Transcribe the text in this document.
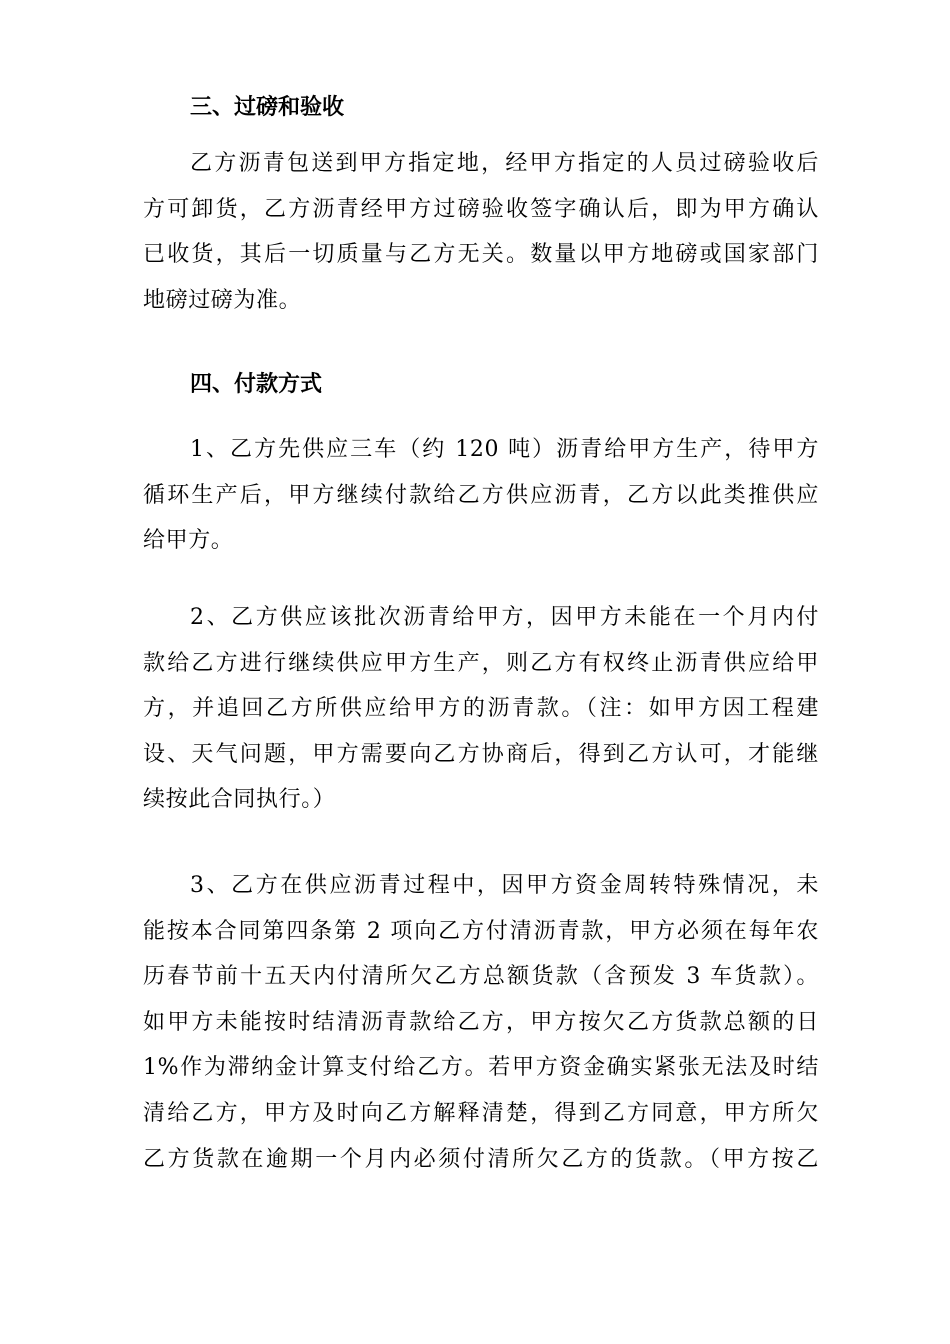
三、过磅和验收
乙方沥青包送到甲方指定地，经甲方指定的人员过磅验收后
方可卸货，乙方沥青经甲方过磅验收签字确认后，即为甲方确认
已收货，其后一切质量与乙方无关。数量以甲方地磅或国家部门
地磅过磅为准。
四、付款方式
1、乙方先供应三车（约 120 吨）沥青给甲方生产，待甲方
循环生产后，甲方继续付款给乙方供应沥青，乙方以此类推供应
给甲方。
2、乙方供应该批次沥青给甲方，因甲方未能在一个月内付
款给乙方进行继续供应甲方生产，则乙方有权终止沥青供应给甲
方，并追回乙方所供应给甲方的沥青款。（注：如甲方因工程建
设、天气问题，甲方需要向乙方协商后，得到乙方认可，才能继
续按此合同执行。）
3、乙方在供应沥青过程中，因甲方资金周转特殊情况，未
能按本合同第四条第 2 项向乙方付清沥青款，甲方必须在每年农
历春节前十五天内付清所欠乙方总额货款（含预发 3 车货款）。
如甲方未能按时结清沥青款给乙方，甲方按欠乙方货款总额的日
1%作为滞纳金计算支付给乙方。若甲方资金确实紧张无法及时结
清给乙方，甲方及时向乙方解释清楚，得到乙方同意，甲方所欠
乙方货款在逾期一个月内必须付清所欠乙方的货款。（甲方按乙
